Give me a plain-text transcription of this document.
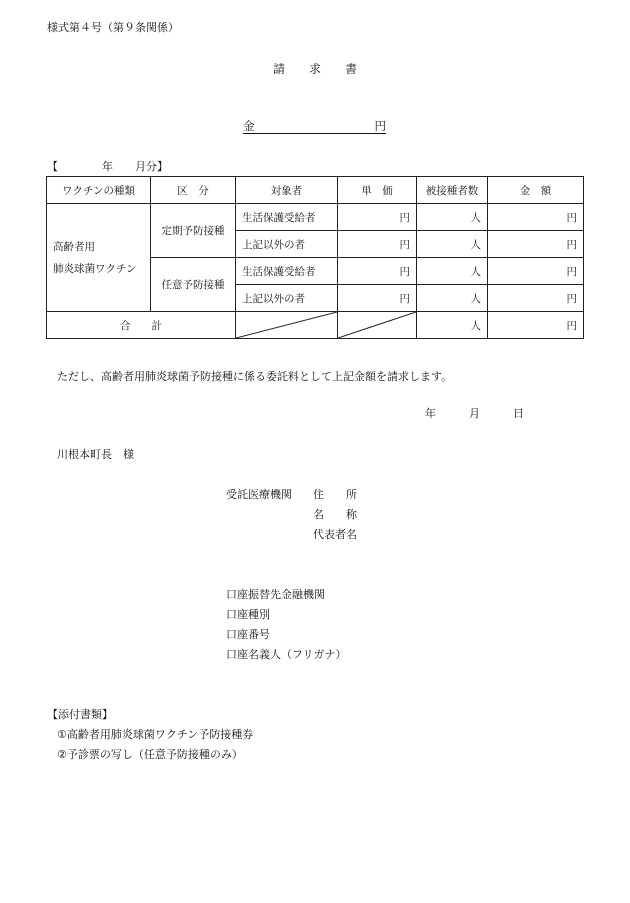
様式第４号（第９条関係）
請　　求　　書
金	円
【　　　　年　　月分】
ワクチンの種類	区　分	対象者	単　価	被接種者数	金　額
高齢者用
肺炎球菌ワクチン	定期予防接種	生活保護受給者	円	人	円
		上記以外の者	円	人	円
	任意予防接種	生活保護受給者	円	人	円
		上記以外の者	円	人	円
合　　計				人	円
ただし、高齢者用肺炎球菌予防接種に係る委託料として上記金額を請求します。
年　　　月　　　日
川根本町長　様
受託医療機関 住　　所
名　　称
代表者名
口座振替先金融機関
口座種別
口座番号
口座名義人（フリガナ）
【添付書類】
①高齢者用肺炎球菌ワクチン予防接種券
②予診票の写し（任意予防接種のみ）
